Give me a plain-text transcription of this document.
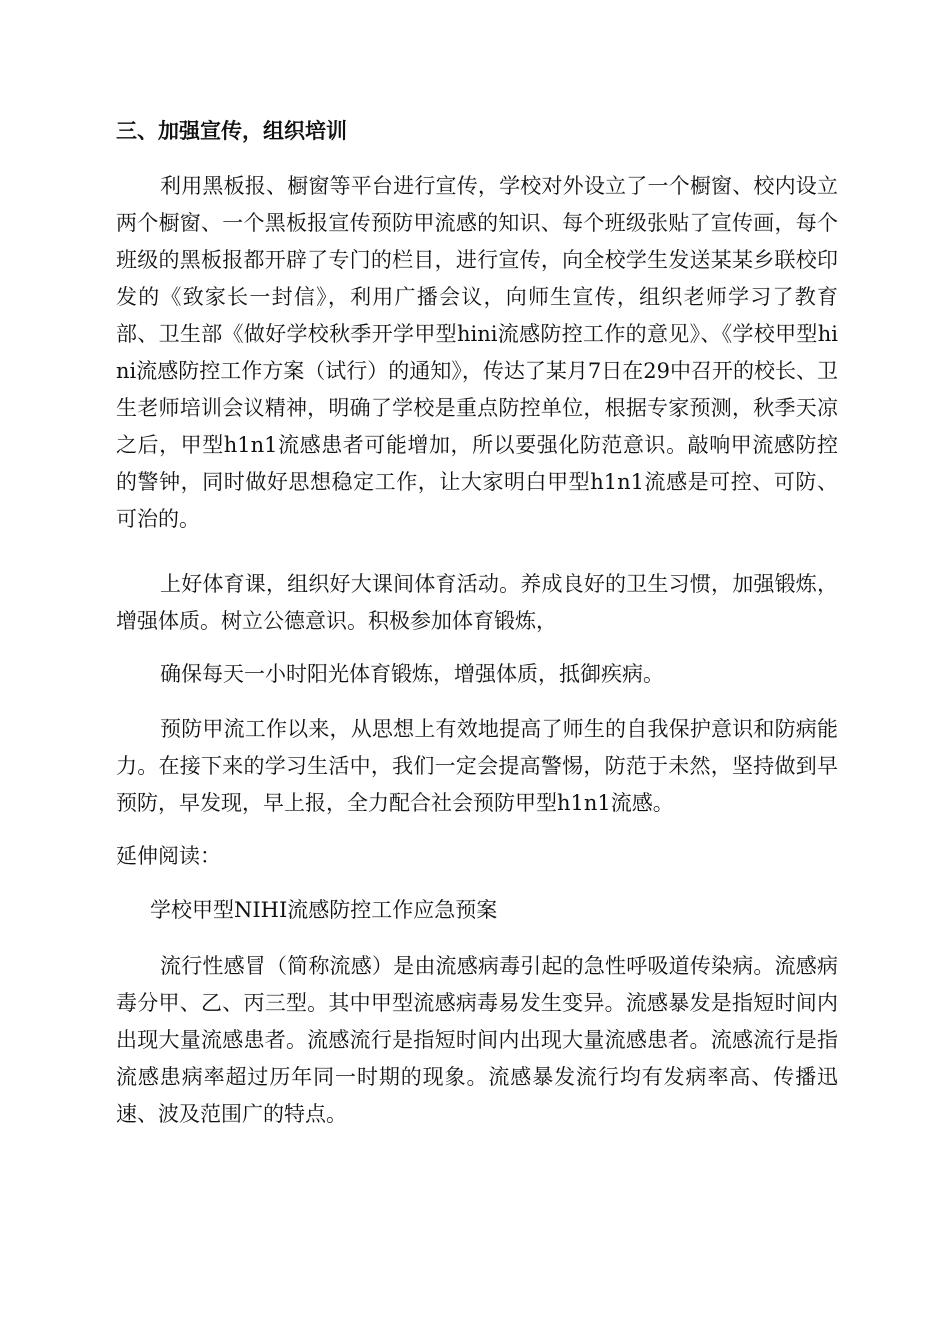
三、加强宣传，组织培训

利用黑板报、橱窗等平台进行宣传，学校对外设立了一个橱窗、校内设立两个橱窗、一个黑板报宣传预防甲流感的知识、每个班级张贴了宣传画，每个班级的黑板报都开辟了专门的栏目，进行宣传，向全校学生发送某某乡联校印发的《致家长一封信》，利用广播会议，向师生宣传，组织老师学习了教育部、卫生部《做好学校秋季开学甲型hini流感防控工作的意见》、《学校甲型hini流感防控工作方案（试行）的通知》，传达了某月7日在29中召开的校长、卫生老师培训会议精神，明确了学校是重点防控单位，根据专家预测，秋季天凉之后，甲型h1n1流感患者可能增加，所以要强化防范意识。敲响甲流感防控的警钟，同时做好思想稳定工作，让大家明白甲型h1n1流感是可控、可防、可治的。

上好体育课，组织好大课间体育活动。养成良好的卫生习惯，加强锻炼，增强体质。树立公德意识。积极参加体育锻炼，

确保每天一小时阳光体育锻炼，增强体质，抵御疾病。

预防甲流工作以来，从思想上有效地提高了师生的自我保护意识和防病能力。在接下来的学习生活中，我们一定会提高警惕，防范于未然，坚持做到早预防，早发现，早上报，全力配合社会预防甲型h1n1流感。

延伸阅读：

学校甲型NIHI流感防控工作应急预案

流行性感冒（简称流感）是由流感病毒引起的急性呼吸道传染病。流感病毒分甲、乙、丙三型。其中甲型流感病毒易发生变异。流感暴发是指短时间内出现大量流感患者。流感流行是指短时间内出现大量流感患者。流感流行是指流感患病率超过历年同一时期的现象。流感暴发流行均有发病率高、传播迅速、波及范围广的特点。
